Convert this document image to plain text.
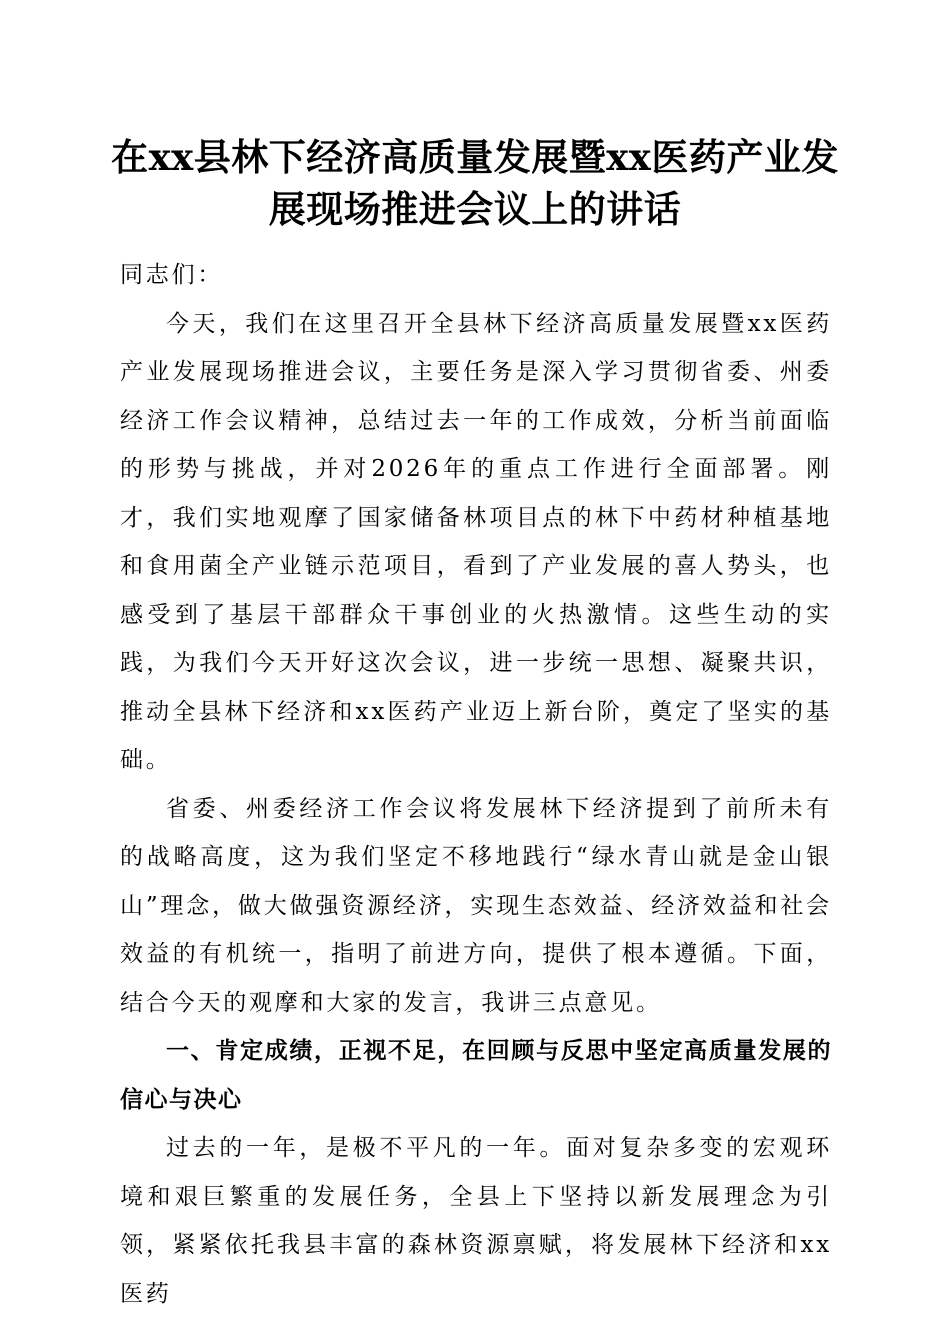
在xx县林下经济高质量发展暨xx医药产业发展现场推进会议上的讲话

同志们：

今天，我们在这里召开全县林下经济高质量发展暨xx医药产业发展现场推进会议，主要任务是深入学习贯彻省委、州委经济工作会议精神，总结过去一年的工作成效，分析当前面临的形势与挑战，并对2026年的重点工作进行全面部署。刚才，我们实地观摩了国家储备林项目点的林下中药材种植基地和食用菌全产业链示范项目，看到了产业发展的喜人势头，也感受到了基层干部群众干事创业的火热激情。这些生动的实践，为我们今天开好这次会议，进一步统一思想、凝聚共识，推动全县林下经济和xx医药产业迈上新台阶，奠定了坚实的基础。

省委、州委经济工作会议将发展林下经济提到了前所未有的战略高度，这为我们坚定不移地践行“绿水青山就是金山银山”理念，做大做强资源经济，实现生态效益、经济效益和社会效益的有机统一，指明了前进方向，提供了根本遵循。下面，结合今天的观摩和大家的发言，我讲三点意见。

一、肯定成绩，正视不足，在回顾与反思中坚定高质量发展的信心与决心

过去的一年，是极不平凡的一年。面对复杂多变的宏观环境和艰巨繁重的发展任务，全县上下坚持以新发展理念为引领，紧紧依托我县丰富的森林资源禀赋，将发展林下经济和xx医药
